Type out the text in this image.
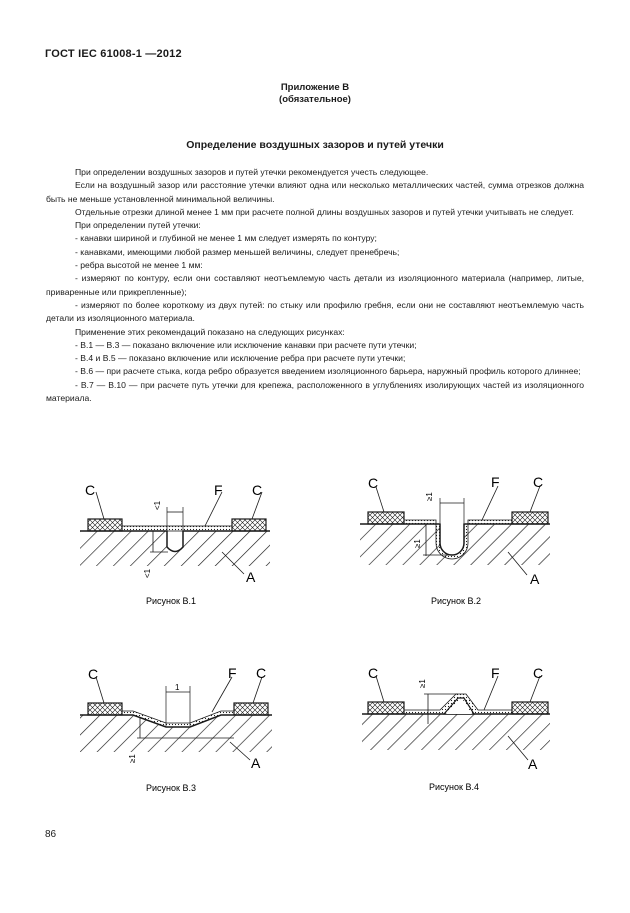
ГОСТ IEC 61008-1 —2012
Приложение В
(обязательное)
Определение воздушных зазоров и путей утечки

При определении воздушных зазоров и путей утечки рекомендуется учесть следующее.

Если на воздушный зазор или расстояние утечки влияют одна или несколько металлических частей, сумма отрезков должна быть не меньше установленной минимальной величины.

Отдельные отрезки длиной менее 1 мм при расчете полной длины воздушных зазоров и путей утечки учитывать не следует.

При определении путей утечки:

- канавки шириной и глубиной не менее 1 мм следует измерять по контуру;

- канавками, имеющими любой размер меньшей величины, следует пренебречь;

- ребра высотой не менее 1 мм:

- измеряют по контуру, если они составляют неотъемлемую часть детали из изоляционного материала (например, литые, приваренные или прикрепленные);

- измеряют по более короткому из двух путей: по стыку или профилю гребня, если они не составляют неотъемлемую часть детали из изоляционного материала.

Применение этих рекомендаций показано на следующих рисунках:

- В.1 — В.3 — показано включение или исключение канавки при расчете пути утечки;

- В.4 и В.5 — показано включение или исключение ребра при расчете пути утечки;

- В.6 — при расчете стыка, когда ребро образуется введением изоляционного барьера, наружный профиль которого длиннее;

- В.7 — В.10 — при расчете путь утечки для крепежа, расположенного в углублениях изолирующих частей из изоляционного материала.

C	F C
A
<1
<1
Рисунок В.1
C	F C
A
≥1
≥1
Рисунок В.2
C	F C
A
1
≥1
Рисунок В.3
C	F C
A
≥1
Рисунок В.4
86
